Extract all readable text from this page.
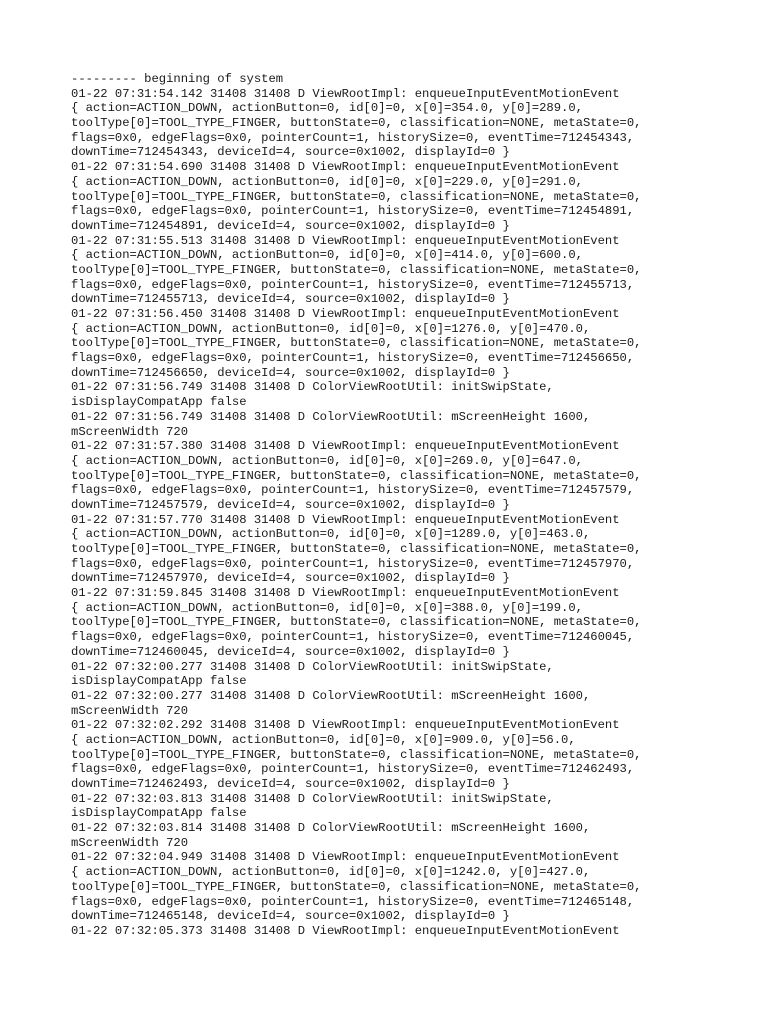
--------- beginning of system
01-22 07:31:54.142 31408 31408 D ViewRootImpl: enqueueInputEventMotionEvent
{ action=ACTION_DOWN, actionButton=0, id[0]=0, x[0]=354.0, y[0]=289.0,
toolType[0]=TOOL_TYPE_FINGER, buttonState=0, classification=NONE, metaState=0,
flags=0x0, edgeFlags=0x0, pointerCount=1, historySize=0, eventTime=712454343,
downTime=712454343, deviceId=4, source=0x1002, displayId=0 }
01-22 07:31:54.690 31408 31408 D ViewRootImpl: enqueueInputEventMotionEvent
{ action=ACTION_DOWN, actionButton=0, id[0]=0, x[0]=229.0, y[0]=291.0,
toolType[0]=TOOL_TYPE_FINGER, buttonState=0, classification=NONE, metaState=0,
flags=0x0, edgeFlags=0x0, pointerCount=1, historySize=0, eventTime=712454891,
downTime=712454891, deviceId=4, source=0x1002, displayId=0 }
01-22 07:31:55.513 31408 31408 D ViewRootImpl: enqueueInputEventMotionEvent
{ action=ACTION_DOWN, actionButton=0, id[0]=0, x[0]=414.0, y[0]=600.0,
toolType[0]=TOOL_TYPE_FINGER, buttonState=0, classification=NONE, metaState=0,
flags=0x0, edgeFlags=0x0, pointerCount=1, historySize=0, eventTime=712455713,
downTime=712455713, deviceId=4, source=0x1002, displayId=0 }
01-22 07:31:56.450 31408 31408 D ViewRootImpl: enqueueInputEventMotionEvent
{ action=ACTION_DOWN, actionButton=0, id[0]=0, x[0]=1276.0, y[0]=470.0,
toolType[0]=TOOL_TYPE_FINGER, buttonState=0, classification=NONE, metaState=0,
flags=0x0, edgeFlags=0x0, pointerCount=1, historySize=0, eventTime=712456650,
downTime=712456650, deviceId=4, source=0x1002, displayId=0 }
01-22 07:31:56.749 31408 31408 D ColorViewRootUtil: initSwipState,
isDisplayCompatApp false
01-22 07:31:56.749 31408 31408 D ColorViewRootUtil: mScreenHeight 1600,
mScreenWidth 720
01-22 07:31:57.380 31408 31408 D ViewRootImpl: enqueueInputEventMotionEvent
{ action=ACTION_DOWN, actionButton=0, id[0]=0, x[0]=269.0, y[0]=647.0,
toolType[0]=TOOL_TYPE_FINGER, buttonState=0, classification=NONE, metaState=0,
flags=0x0, edgeFlags=0x0, pointerCount=1, historySize=0, eventTime=712457579,
downTime=712457579, deviceId=4, source=0x1002, displayId=0 }
01-22 07:31:57.770 31408 31408 D ViewRootImpl: enqueueInputEventMotionEvent
{ action=ACTION_DOWN, actionButton=0, id[0]=0, x[0]=1289.0, y[0]=463.0,
toolType[0]=TOOL_TYPE_FINGER, buttonState=0, classification=NONE, metaState=0,
flags=0x0, edgeFlags=0x0, pointerCount=1, historySize=0, eventTime=712457970,
downTime=712457970, deviceId=4, source=0x1002, displayId=0 }
01-22 07:31:59.845 31408 31408 D ViewRootImpl: enqueueInputEventMotionEvent
{ action=ACTION_DOWN, actionButton=0, id[0]=0, x[0]=388.0, y[0]=199.0,
toolType[0]=TOOL_TYPE_FINGER, buttonState=0, classification=NONE, metaState=0,
flags=0x0, edgeFlags=0x0, pointerCount=1, historySize=0, eventTime=712460045,
downTime=712460045, deviceId=4, source=0x1002, displayId=0 }
01-22 07:32:00.277 31408 31408 D ColorViewRootUtil: initSwipState,
isDisplayCompatApp false
01-22 07:32:00.277 31408 31408 D ColorViewRootUtil: mScreenHeight 1600,
mScreenWidth 720
01-22 07:32:02.292 31408 31408 D ViewRootImpl: enqueueInputEventMotionEvent
{ action=ACTION_DOWN, actionButton=0, id[0]=0, x[0]=909.0, y[0]=56.0,
toolType[0]=TOOL_TYPE_FINGER, buttonState=0, classification=NONE, metaState=0,
flags=0x0, edgeFlags=0x0, pointerCount=1, historySize=0, eventTime=712462493,
downTime=712462493, deviceId=4, source=0x1002, displayId=0 }
01-22 07:32:03.813 31408 31408 D ColorViewRootUtil: initSwipState,
isDisplayCompatApp false
01-22 07:32:03.814 31408 31408 D ColorViewRootUtil: mScreenHeight 1600,
mScreenWidth 720
01-22 07:32:04.949 31408 31408 D ViewRootImpl: enqueueInputEventMotionEvent
{ action=ACTION_DOWN, actionButton=0, id[0]=0, x[0]=1242.0, y[0]=427.0,
toolType[0]=TOOL_TYPE_FINGER, buttonState=0, classification=NONE, metaState=0,
flags=0x0, edgeFlags=0x0, pointerCount=1, historySize=0, eventTime=712465148,
downTime=712465148, deviceId=4, source=0x1002, displayId=0 }
01-22 07:32:05.373 31408 31408 D ViewRootImpl: enqueueInputEventMotionEvent
